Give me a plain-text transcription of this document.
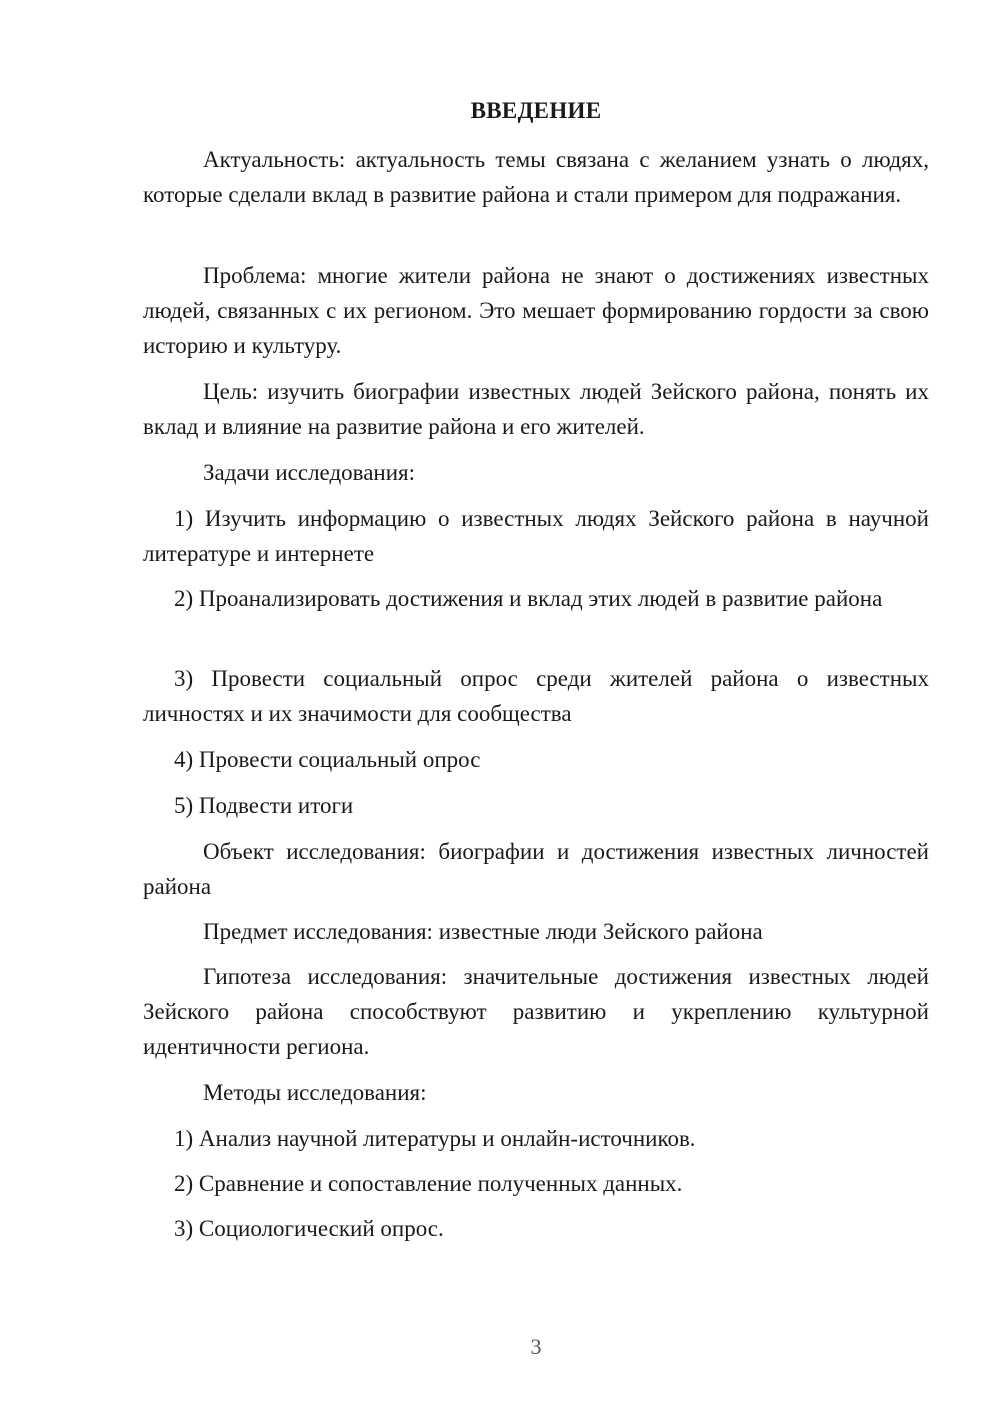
ВВЕДЕНИЕ

Актуальность: актуальность темы связана с желанием узнать о людях, которые сделали вклад в развитие района и стали примером для подражания.

Проблема: многие жители района не знают о достижениях известных людей, связанных с их регионом. Это мешает формированию гордости за свою историю и культуру.

Цель: изучить биографии известных людей Зейского района, понять их вклад и влияние на развитие района и его жителей.

Задачи исследования:

1) Изучить информацию о известных людях Зейского района в научной литературе и интернете

2) Проанализировать достижения и вклад этих людей в развитие района

3) Провести социальный опрос среди жителей района о известных личностях и их значимости для сообщества

4) Провести социальный опрос

5) Подвести итоги

Объект исследования: биографии и достижения известных личностей района

Предмет исследования: известные люди Зейского района

Гипотеза исследования: значительные достижения известных людей Зейского района способствуют развитию и укреплению культурной идентичности региона.

Методы исследования:

1) Анализ научной литературы и онлайн-источников.

2) Сравнение и сопоставление полученных данных.

3) Социологический опрос.

3
